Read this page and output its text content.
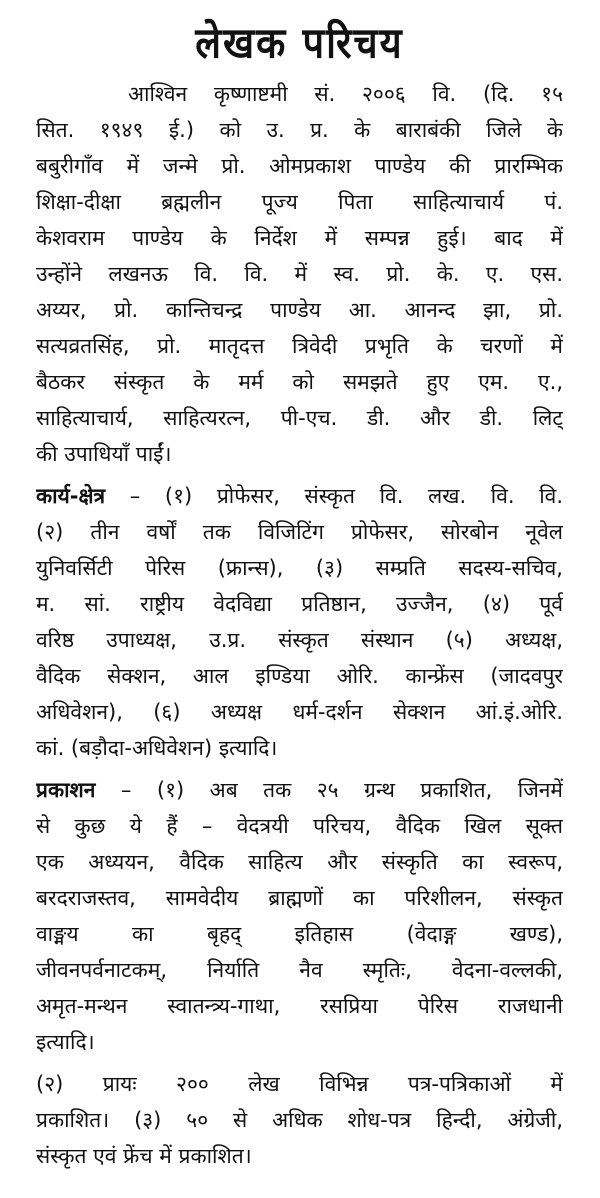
लेखक परिचय
आश्विन कृष्णाष्टमी सं. २००६ वि. (दि. १५
सित. १९४९ ई.) को उ. प्र. के बाराबंकी जिले के
बबुरीगाँव में जन्मे प्रो. ओमप्रकाश पाण्डेय की प्रारम्भिक
शिक्षा-दीक्षा ब्रह्मलीन पूज्य पिता साहित्याचार्य पं.
केशवराम पाण्डेय के निर्देश में सम्पन्न हुई। बाद में
उन्होंने लखनऊ वि. वि. में स्व. प्रो. के. ए. एस.
अय्यर, प्रो. कान्तिचन्द्र पाण्डेय आ. आनन्द झा, प्रो.
सत्यव्रतसिंह, प्रो. मातृदत्त त्रिवेदी प्रभृति के चरणों में
बैठकर संस्कृत के मर्म को समझते हुए एम. ए.,
साहित्याचार्य, साहित्यरत्न, पी-एच. डी. और डी. लिट्
की उपाधियाँ पाईं।
कार्य-क्षेत्र – (१) प्रोफेसर, संस्कृत वि. लख. वि. वि.
(२) तीन वर्षों तक विजिटिंग प्रोफेसर, सोरबोन नूवेल
युनिवर्सिटी पेरिस (फ्रान्स), (३) सम्प्रति सदस्य-सचिव,
म. सां. राष्ट्रीय वेदविद्या प्रतिष्ठान, उज्जैन, (४) पूर्व
वरिष्ठ उपाध्यक्ष, उ.प्र. संस्कृत संस्थान (५) अध्यक्ष,
वैदिक सेक्शन, आल इण्डिया ओरि. कान्फ्रेंस (जादवपुर
अधिवेशन), (६) अध्यक्ष धर्म-दर्शन सेक्शन आं.इं.ओरि.
कां. (बड़ौदा-अधिवेशन) इत्यादि।
प्रकाशन – (१) अब तक २५ ग्रन्थ प्रकाशित, जिनमें
से कुछ ये हैं – वेदत्रयी परिचय, वैदिक खिल सूक्त
एक अध्ययन, वैदिक साहित्य और संस्कृति का स्वरूप,
बरदराजस्तव, सामवेदीय ब्राह्मणों का परिशीलन, संस्कृत
वाङ्मय का बृहद् इतिहास (वेदाङ्ग खण्ड),
जीवनपर्वनाटकम्, निर्याति नैव स्मृतिः, वेदना-वल्लकी,
अमृत-मन्थन स्वातन्त्र्य-गाथा, रसप्रिया पेरिस राजधानी
इत्यादि।
(२) प्रायः २०० लेख विभिन्न पत्र-पत्रिकाओं में
प्रकाशित। (३) ५० से अधिक शोध-पत्र हिन्दी, अंग्रेजी,
संस्कृत एवं फ्रेंच में प्रकाशित।
